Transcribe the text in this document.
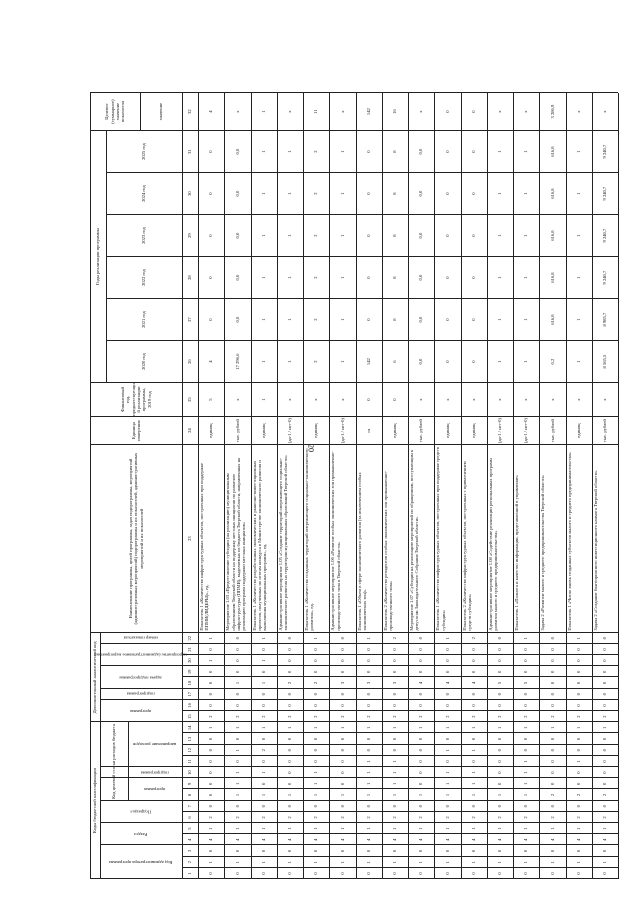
20
Коды бюджетной классификации
Дополнительный аналитический код
Код администратора программы
Раздел
Подраздел
Код целевой статьи расходов бюджета	программа
подпрограмма
направление расходов
программа
подпрограмма
задача подпрограммы
мероприятие (административное мероприятие)
номер показателя
Наименование программы, целей программы, задач подпрограммы, мероприятий (административных мероприятий) подпрограммы и их показателей, административных мероприятий и их показателей
Единица измерения
Финансовый год, предшествующий реализации программы, 2019 год
Годы реализации программы
2020 год
2021 год
2022 год
2023 год
2024 год
2025 год
Целевое (суммарное) значение показателя	значение
1
2
3
4
5
6
7
8
9
10
11
12
13
14
15
16
17
18
19
20
21
22
23
24
25
26
27
28
29
30
31
32
0
1
0
4
1
2
0
0
0
0
0
0
0
1
2
0
0
0
0
1
0
1
Показатель 1 «Количество инфраструктурных объектов, построенных при поддержке ППМИ(ЛИДЕРЫ)», ед.
единиц
5
4
0
0
0
0
0
4
0
1
0
4
1
2
0
1
1
1
0
1
0
1
2
0
0
1
0
0
0
0
Мероприятие 1.03 «Предоставление субсидии (на реализацию) муниципальным образованиям Тверской области на поддержку местных инициатив по развитию инфраструктуры (ППМИ), выделяемых из бюджета Тверской области, направленных на реализацию программ поддержки местных инициатив»
тыс. рублей
х
17 296,6
0,0
0,0
0,0
0,0
0,0
х
0
1
0
4
1
2
0
1
0
1
0
2
0
1
2
0
0
1
0
1
0
1
Показатель 1 «Количество разработанных экономических и рыночно-инвестиционных проектов, полученных по итогам конкурса в Министерстве экономического развития и выполнения муниципальных программ», ед.
единиц
1
1
1
1
1
1
1
1
0
1
0
4
1
2
0
1
0
0
0
0
0
1
2
0
0
2
0
0
0
0
Административное мероприятие 1.05 «Создание территорий опережающего социально-экономического развития на территории муниципальных образований Тверской области»
(да-1 / нет-0)
х
1
1
1
1
1
1
х
0
1
0
4
1
2
0
1
1
1
0
0
0
1
2
0
0
2
0
0
0
1
Показатель 1 «Количество созданных территорий опережающего социально-экономического развития», ед.
единиц
х
2
2
2
2
2
2
11
0
1
0
4
1
2
0
1
0
0
0
0
0
1
2
0
0
3
0
0
0
0
Административное мероприятие 1.06 «Развитие особых экономических зон промышленно-производственного типа в Тверской области»
(да-1 / нет-0)
х
1
1
1
1
1
1
х
0
1
0
4
1
2
0
1
1
1
1
0
0
1
2
0
0
3
0
0
0
1
Показатель 1 «Объем в сфере экономического развития (за исключением особых экономических зон)»
га
0
142
0
0
0
0
0
142
0
1
0
4
1
2
0
1
1
1
1
0
0
1
2
0
0
3
0
0
0
2
Показатель 2 «Количество резидентов особых экономических зон промышленно-производственного типа»
единиц
0
6
8
8
8
8
8
16
0
1
0
4
1
2
0
1
0
0
0
0
0
1
2
0
0
4
0
0
0
0
Мероприятие 1.07 «Субсидии на реализацию мероприятий по обращениям, поступающим к депутатам Законодательного Собрания Тверской области»
тыс. рублей
х
0,0
0,0
0,0
0,0
0,0
0,0
х
0
1
0
4
1
2
0
1
1
1
0
1
0
1
2
0
0
4
0
0
0
1
Показатель 1 «Количество инфраструктурных объектов, построенных при поддержке средств субсидии»
единиц
х
0
0
0
0
0
0
0
0
1
0
4
1
2
0
1
1
1
0
1
0
1
2
0
0
4
0
0
0
2
Показатель 2 «Количество инфраструктурных объектов, построенных с привлечением средств субсидии»
единиц
х
0
0
0
0
0
0
0
0
1
0
4
1
2
0
1
0
0
0
0
0
1
2
0
0
5
0
0
0
0
Административное мероприятие 1.08 «Содействие реализации региональных программ развития малого и среднего предпринимательства»
(да-1 / нет-0)
х
1
1
1
1
1
1
х
0
1
0
4
1
2
0
1
1
1
1
0
0
1
2
0
0
5
0
0
0
1
Показатель 1 «Полнота и качество информации, представленной в управление»
(да-1 / нет-0)
х
1
1
1
1
1
1
х
0
1
0
4
1
2
0
2
0
0
0
0
0
1
2
0
0
0
0
0
0
0
Задача 2 «Развитие малого и среднего предпринимательства Тверской области»
тыс. рублей
х
0,2
616,8
616,8
616,8
616,8
616,8
3 286,9
0
1
0
4
1
2
0
2
0
0
1
0
0
1
2
0
0
0
0
0
0
1
Показатель 1 «Число вновь созданных субъектов малого и среднего предпринимательства»
единиц
х
1
1
1
1
1
1
х
0
1
0
4
1
2
0
2
0
0
0
0
0
1
2
0
0
0
0
0
0
0
Задача 2 «Создание благоприятного инвестиционного климата Тверской области»
тыс. рублей
х
8 565,5
8 985,7
9 240,7
9 240,7
9 240,7
9 240,7
х
